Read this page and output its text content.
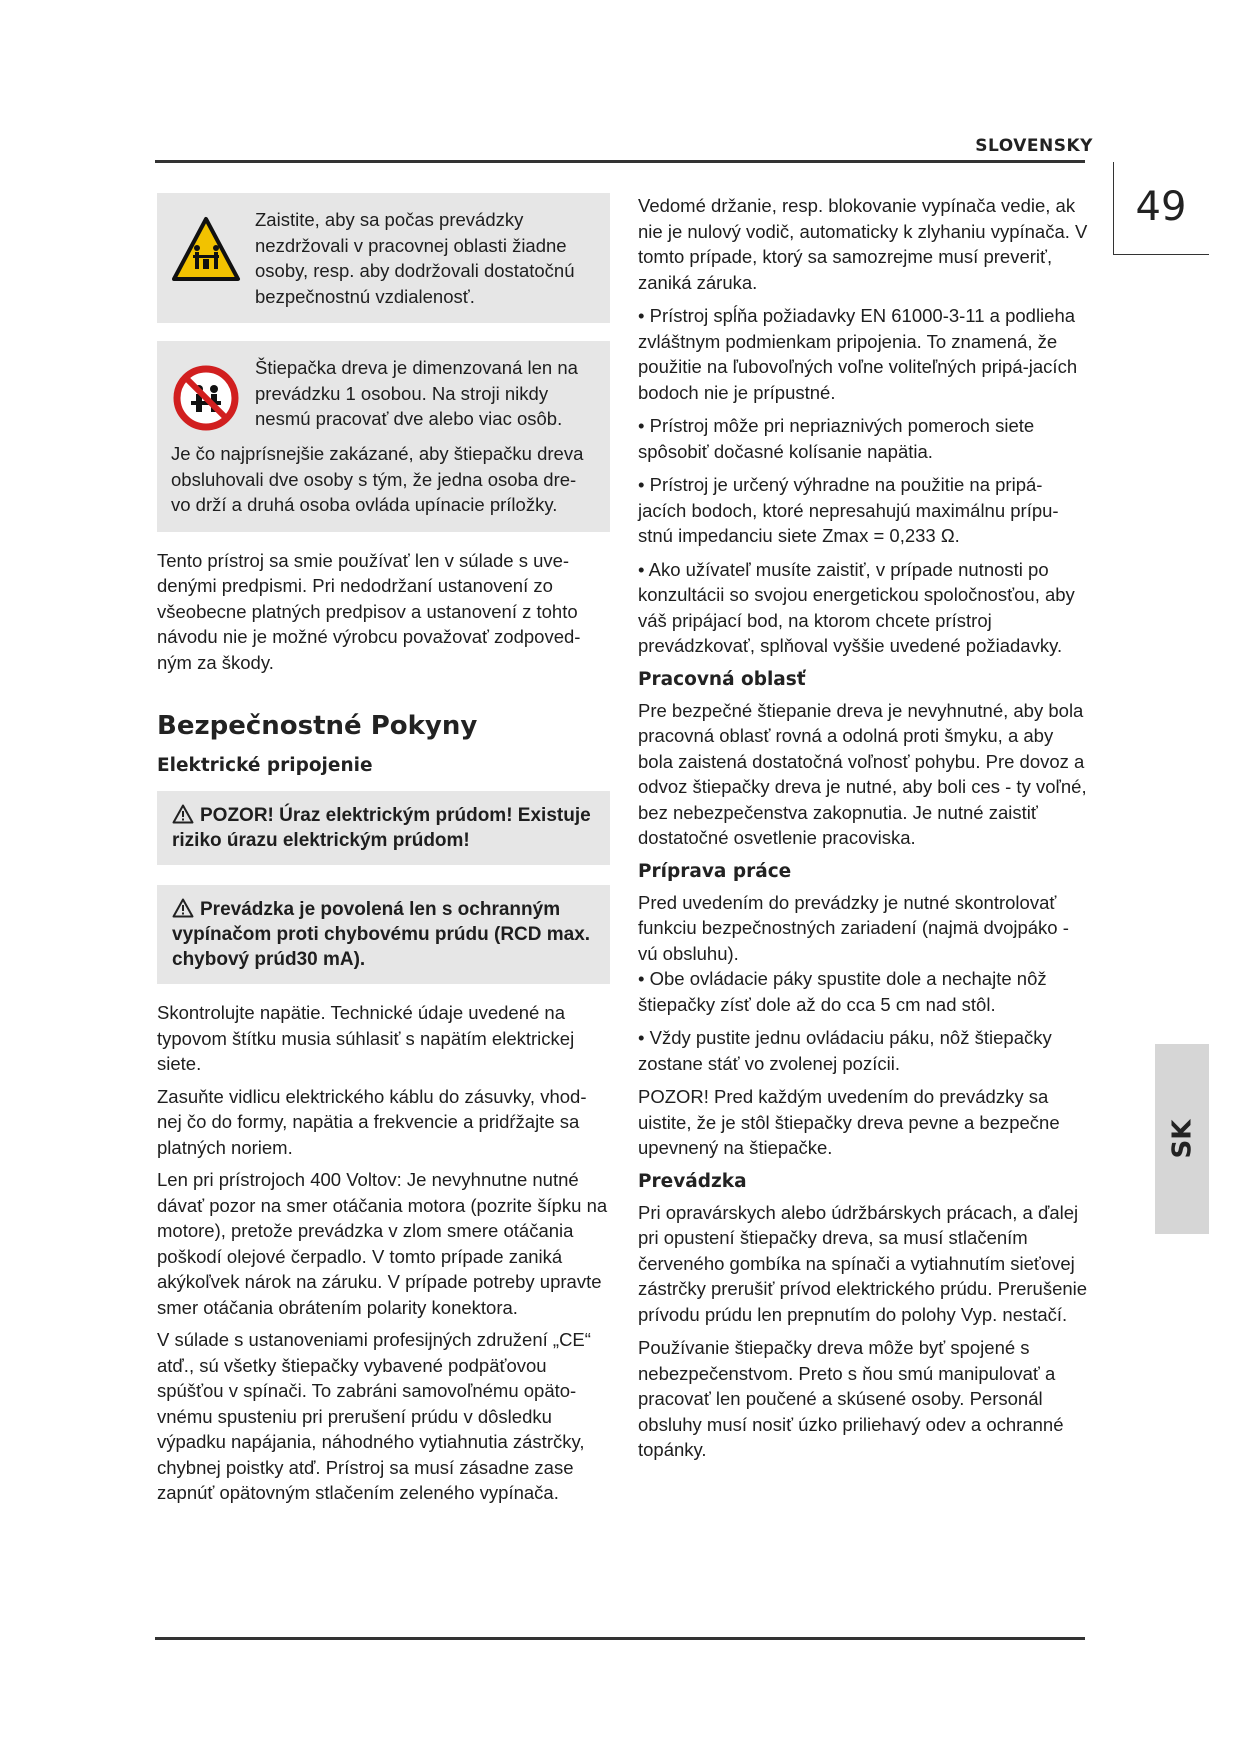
SLOVENSKY
49
SK
Zaistite, aby sa počas prevádzky nezdržovali v pracovnej oblasti žiadne osoby, resp. aby dodržovali dostatočnú bezpečnostnú vzdialenosť.
Štiepačka dreva je dimenzovaná len na prevádzku 1 osobou. Na stroji nikdy nesmú pracovať dve alebo viac osôb.
Je čo najprísnejšie zakázané, aby štiepačku dreva obsluhovali dve osoby s tým, že jedna osoba dre-vo drží a druhá osoba ovláda upínacie príložky.

Tento prístroj sa smie používať len v súlade s uve-denými predpismi. Pri nedodržaní ustanovení zo všeobecne platných predpisov a ustanovení z tohto návodu nie je možné výrobcu považovať zodpoved-ným za škody.

Bezpečnostné Pokyny
Elektrické pripojenie
POZOR! Úraz elektrickým prúdom! Existuje riziko úrazu elektrickým prúdom!
Prevádzka je povolená len s ochranným vypínačom proti chybovému prúdu (RCD max. chybový prúd30 mA).

Skontrolujte napätie. Technické údaje uvedené na typovom štítku musia súhlasiť s napätím elektrickej siete.

Zasuňte vidlicu elektrického káblu do zásuvky, vhod-nej čo do formy, napätia a frekvencie a pridŕžajte sa platných noriem.

Len pri prístrojoch 400 Voltov: Je nevyhnutne nutné dávať pozor na smer otáčania motora (pozrite šípku na motore), pretože prevádzka v zlom smere otáčania poškodí olejové čerpadlo. V tomto prípade zaniká akýkoľvek nárok na záruku. V prípade potreby upravte smer otáčania obrátením polarity konektora.

V súlade s ustanoveniami profesijných združení „CE“ atď., sú všetky štiepačky vybavené podpäťovou spúšťou v spínači. To zabráni samovoľnému opäto-vnému spusteniu pri prerušení prúdu v dôsledku výpadku napájania, náhodného vytiahnutia zástrčky, chybnej poistky atď. Prístroj sa musí zásadne zase zapnúť opätovným stlačením zeleného vypínača.

Vedomé držanie, resp. blokovanie vypínača vedie, ak nie je nulový vodič, automaticky k zlyhaniu vypínača. V tomto prípade, ktorý sa samozrejme musí preveriť, zaniká záruka.

• Prístroj spĺňa požiadavky EN 61000-3-11 a podlieha zvláštnym podmienkam pripojenia. To znamená, že použitie na ľubovoľných voľne voliteľných pripá-jacích bodoch nie je prípustné.

• Prístroj môže pri nepriaznivých pomeroch siete spôsobiť dočasné kolísanie napätia.

• Prístroj je určený výhradne na použitie na pripá-jacích bodoch, ktoré nepresahujú maximálnu prípu-stnú impedanciu siete Zmax = 0,233 Ω.

• Ako užívateľ musíte zaistiť, v prípade nutnosti po konzultácii so svojou energetickou spoločnosťou, aby váš pripájací bod, na ktorom chcete prístroj prevádzkovať, splňoval vyššie uvedené požiadavky.

Pracovná oblasť

Pre bezpečné štiepanie dreva je nevyhnutné, aby bola pracovná oblasť rovná a odolná proti šmyku, a aby bola zaistená dostatočná voľnosť pohybu. Pre dovoz a odvoz štiepačky dreva je nutné, aby boli ces - ty voľné, bez nebezpečenstva zakopnutia. Je nutné zaistiť dostatočné osvetlenie pracoviska.

Príprava práce

Pred uvedením do prevádzky je nutné skontrolovať funkciu bezpečnostných zariadení (najmä dvojpáko - vú obsluhu).

• Obe ovládacie páky spustite dole a nechajte nôž štiepačky zísť dole až do cca 5 cm nad stôl.

• Vždy pustite jednu ovládaciu páku, nôž štiepačky zostane stáť vo zvolenej pozícii.

POZOR! Pred každým uvedením do prevádzky sa uistite, že je stôl štiepačky dreva pevne a bezpečne upevnený na štiepačke.

Prevádzka

Pri opravárskych alebo údržbárskych prácach, a ďalej pri opustení štiepačky dreva, sa musí stlačením červeného gombíka na spínači a vytiahnutím sieťovej zástrčky prerušiť prívod elektrického prúdu. Prerušenie prívodu prúdu len prepnutím do polohy Vyp. nestačí.

Používanie štiepačky dreva môže byť spojené s nebezpečenstvom. Preto s ňou smú manipulovať a pracovať len poučené a skúsené osoby. Personál obsluhy musí nosiť úzko priliehavý odev a ochranné topánky.
